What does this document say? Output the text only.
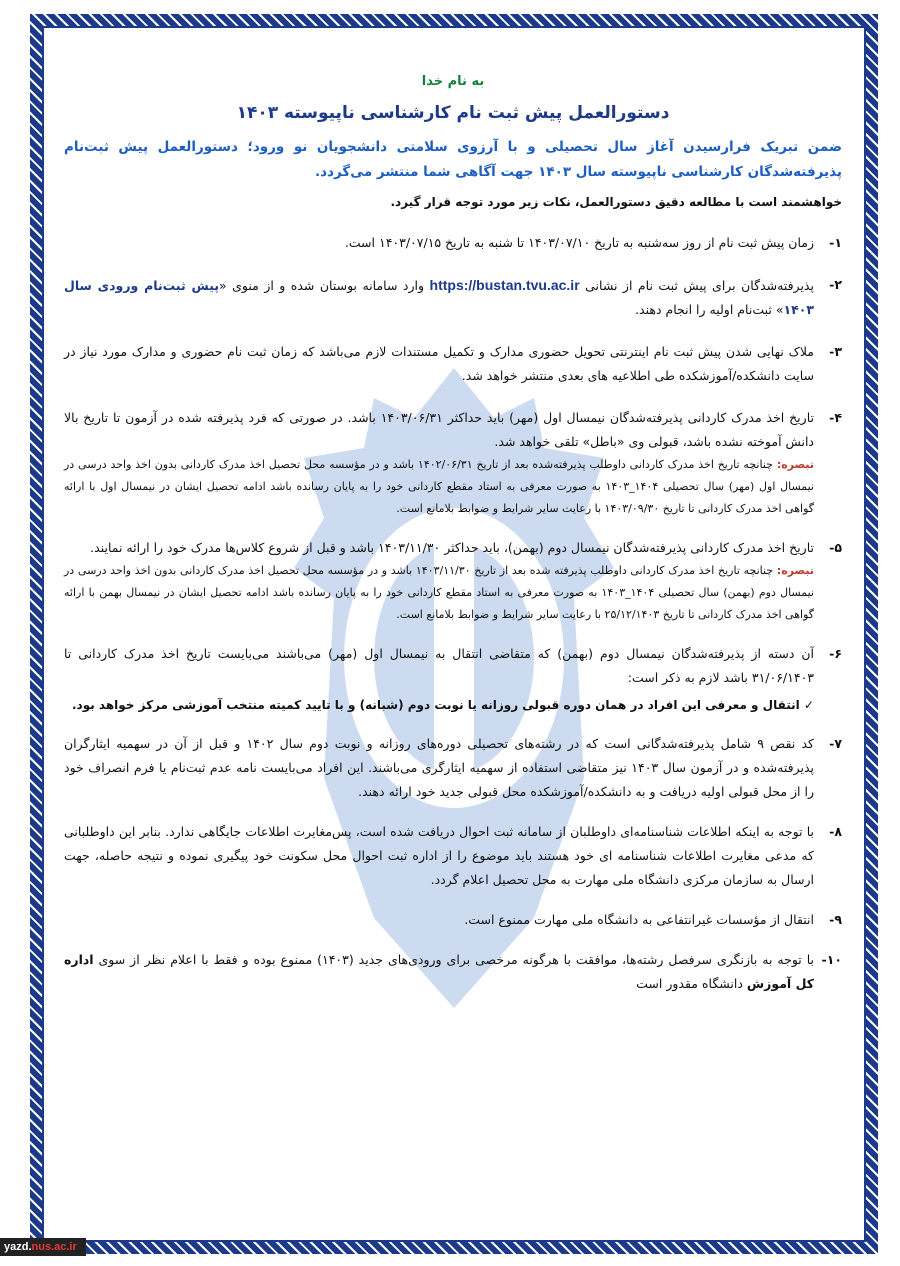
به نام خدا
دستورالعمل پیش ثبت نام کارشناسی ناپیوسته ۱۴۰۳
ضمن تبریک فرارسیدن آغاز سال تحصیلی و با آرزوی سلامتی دانشجویان نو ورود؛ دستورالعمل پیش ثبت‌نام پذیرفته‌شدگان کارشناسی ناپیوسته سال ۱۴۰۳ جهت آگاهی شما منتشر می‌گردد.
خواهشمند است با مطالعه دقیق دستورالعمل، نکات زیر مورد توجه قرار گیرد.
۱-
زمان پیش ثبت نام از روز سه‌شنبه به تاریخ ۱۴۰۳/۰۷/۱۰ تا شنبه به تاریخ ۱۴۰۳/۰۷/۱۵ است.
۲-
پذیرفته‌شدگان برای پیش ثبت نام از نشانی https://bustan.tvu.ac.ir وارد سامانه بوستان شده و از منوی «پیش ثبت‌نام ورودی سال ۱۴۰۳» ثبت‌نام اولیه را انجام دهند.
۳-
ملاک نهایی شدن پیش ثبت نام اینترنتی تحویل حضوری مدارک و تکمیل مستندات لازم می‌باشد که زمان ثبت نام حضوری و مدارک مورد نیاز در سایت دانشکده/آموزشکده طی اطلاعیه های بعدی منتشر خواهد شد.
۴-
تاریخ اخذ مدرک کاردانی پذیرفته‌شدگان نیمسال اول (مهر) باید حداکثر ۱۴۰۳/۰۶/۳۱ باشد. در صورتی که فرد پذیرفته شده در آزمون تا تاریخ بالا دانش آموخته نشده باشد، قبولی وی «باطل» تلقی خواهد شد.
تبصره: چنانچه تاریخ اخذ مدرک کاردانی داوطلب پذیرفته‌شده بعد از تاریخ ۱۴۰۲/۰۶/۳۱ باشد و در مؤسسه محل تحصیل اخذ مدرک کاردانی بدون اخذ واحد درسی در نیمسال اول (مهر) سال تحصیلی ۱۴۰۴_۱۴۰۳ به صورت معرفی به استاد مقطع کاردانی خود را به پایان رسانده باشد ادامه تحصیل ایشان در نیمسال اول با ارائه گواهی اخذ مدرک کاردانی تا تاریخ ۱۴۰۳/۰۹/۳۰ با رعایت سایر شرایط و ضوابط بلامانع است.
۵-
تاریخ اخذ مدرک کاردانی پذیرفته‌شدگان نیمسال دوم (بهمن)، باید حداکثر ۱۴۰۳/۱۱/۳۰ باشد و قبل از شروع کلاس‌ها مدرک خود را ارائه نمایند.
تبصره: چنانچه تاریخ اخذ مدرک کاردانی داوطلب پذیرفته شده بعد از تاریخ ۱۴۰۳/۱۱/۳۰ باشد و در مؤسسه محل تحصیل اخذ مدرک کاردانی بدون اخذ واحد درسی در نیمسال دوم (بهمن) سال تحصیلی ۱۴۰۴_۱۴۰۳ به صورت معرفی به استاد مقطع کاردانی خود را به پایان رسانده باشد ادامه تحصیل ایشان در نیمسال بهمن با ارائه گواهی اخذ مدرک کاردانی تا تاریخ ۲۵/۱۲/۱۴۰۳ با رعایت سایر شرایط و ضوابط بلامانع است.
۶-
آن دسته از پذیرفته‌شدگان نیمسال دوم (بهمن) که متقاضی انتقال به نیمسال اول (مهر) می‌باشند می‌بایست تاریخ اخذ مدرک کاردانی تا ۳۱/۰۶/۱۴۰۳ باشد لازم به ذکر است:
✓ انتقال و معرفی این افراد در همان دوره قبولی روزانه یا نوبت دوم (شبانه) و با تایید کمیته منتخب آموزشی مرکز خواهد بود.
۷-
کد نقص ۹ شامل پذیرفته‌شدگانی است که در رشته‌های تحصیلی دوره‌های روزانه و نوبت دوم سال ۱۴۰۲ و قبل از آن در سهمیه ایثارگران پذیرفته‌شده و در آزمون سال ۱۴۰۳ نیز متقاضی استفاده از سهمیه ایثارگری می‌باشند. این افراد می‌بایست نامه عدم ثبت‌نام یا فرم انصراف خود را از محل قبولی اولیه دریافت و به دانشکده/آموزشکده محل قبولی جدید خود ارائه دهند.
۸-
با توجه به اینکه اطلاعات شناسنامه‌ای داوطلبان از سامانه ثبت احوال دریافت شده است، پس‌مغایرت اطلاعات جایگاهی ندارد. بنابر این داوطلبانی که مدعی مغایرت اطلاعات شناسنامه ای خود هستند باید موضوع را از اداره ثبت احوال محل سکونت خود پیگیری نموده و نتیجه حاصله، جهت ارسال به سازمان مرکزی دانشگاه ملی مهارت به محل تحصیل اعلام گردد.
۹-
انتقال از مؤسسات غیرانتفاعی به دانشگاه ملی مهارت ممنوع است.
۱۰-
با توجه به بازنگری سرفصل رشته‌ها، موافقت با هرگونه مرخصی برای ورودی‌های جدید (۱۴۰۳) ممنوع بوده و فقط با اعلام نظر از سوی اداره کل آموزش دانشگاه مقدور است
yazd. nus.ac.ir
